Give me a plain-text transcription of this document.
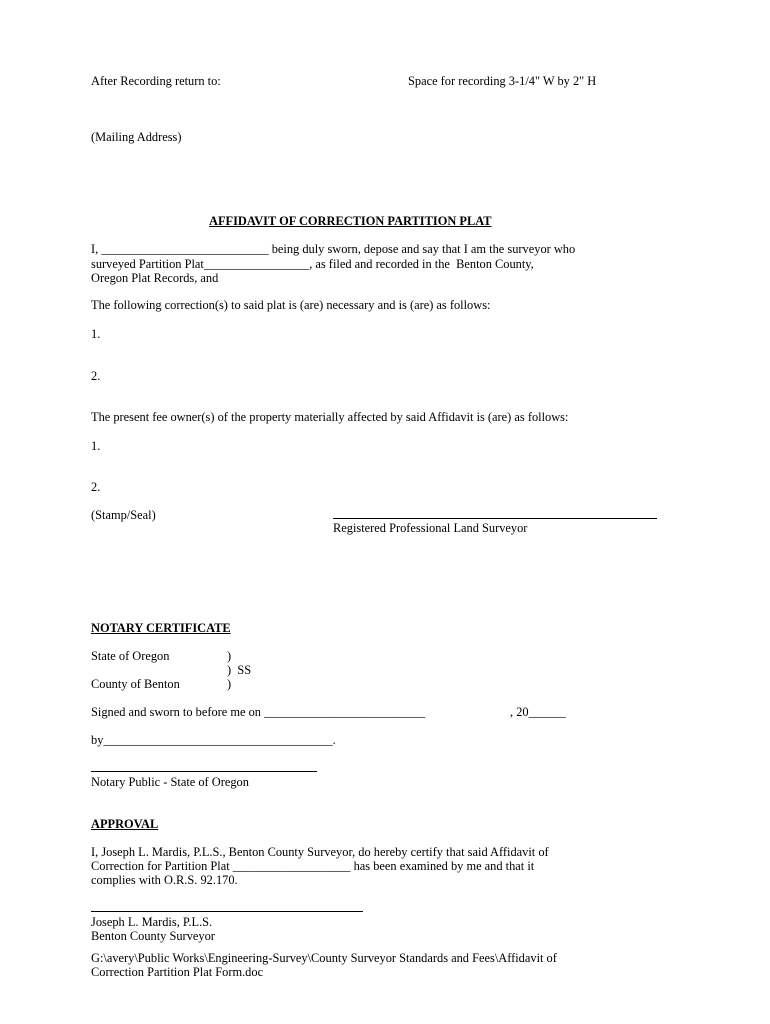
After Recording return to:	Space for recording 3-1/4" W by 2" H
(Mailing Address)
AFFIDAVIT OF CORRECTION PARTITION PLAT
I, ___________________________ being duly sworn, depose and say that I am the surveyor who
surveyed Partition Plat_________________, as filed and recorded in the  Benton County,
Oregon Plat Records, and
The following correction(s) to said plat is (are) necessary and is (are) as follows:
1.
2.
The present fee owner(s) of the property materially affected by said Affidavit is (are) as follows:
1.
2.
(Stamp/Seal)
Registered Professional Land Surveyor
NOTARY CERTIFICATE
State of Oregon	)
)  SS
County of Benton	)
Signed and sworn to before me on __________________________	, 20______
by_____________________________________.
Notary Public - State of Oregon
APPROVAL
I, Joseph L. Mardis, P.L.S., Benton County Surveyor, do hereby certify that said Affidavit of
Correction for Partition Plat ___________________ has been examined by me and that it
complies with O.R.S. 92.170.
Joseph L. Mardis, P.L.S.
Benton County Surveyor
G:\avery\Public Works\Engineering-Survey\County Surveyor Standards and Fees\Affidavit of
Correction Partition Plat Form.doc
